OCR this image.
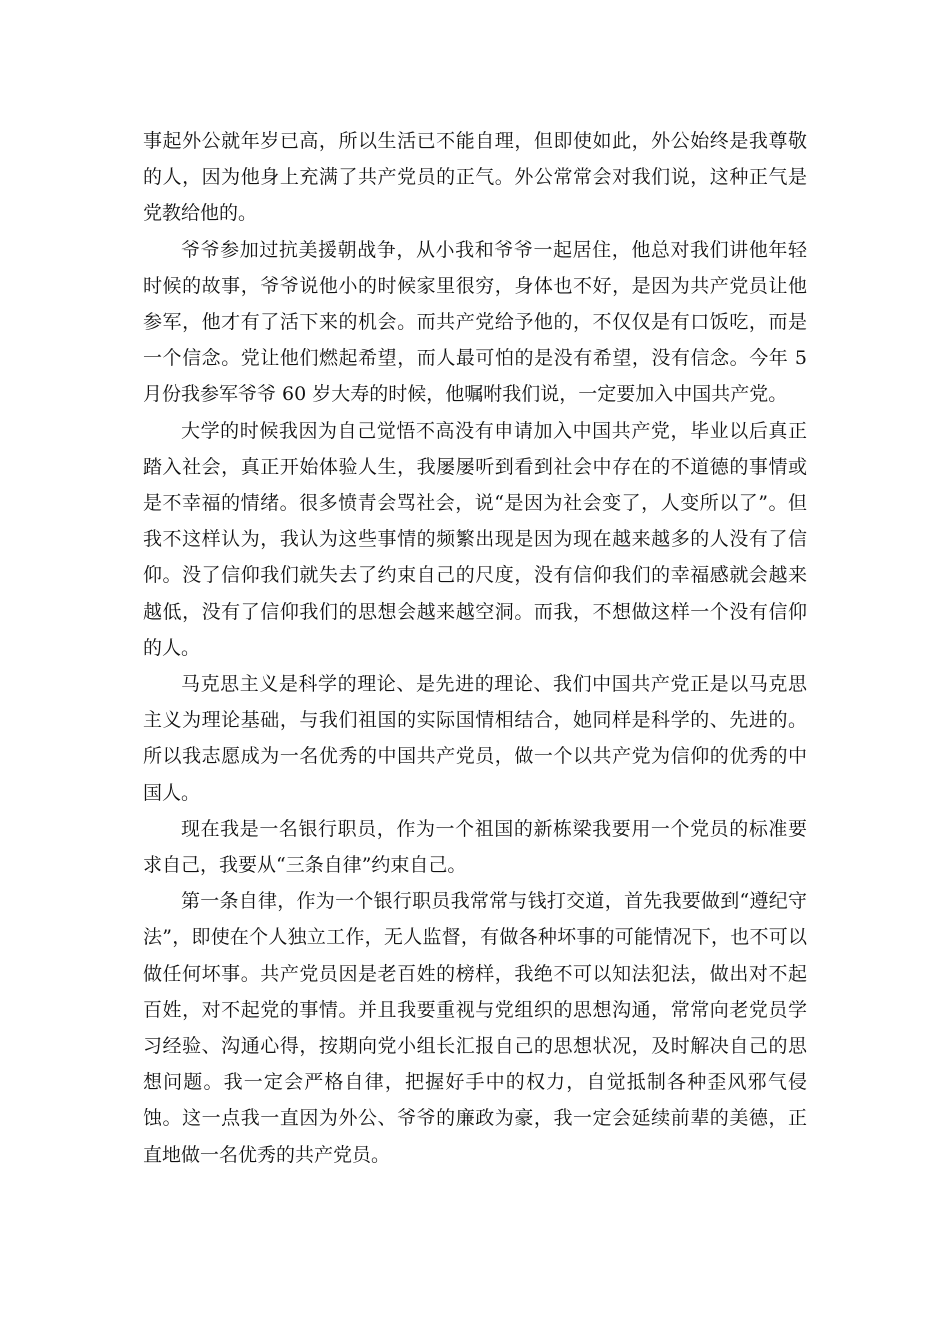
事起外公就年岁已高，所以生活已不能自理，但即使如此，外公始终是我尊敬的人，因为他身上充满了共产党员的正气。外公常常会对我们说，这种正气是党教给他的。

爷爷参加过抗美援朝战争，从小我和爷爷一起居住，他总对我们讲他年轻时候的故事，爷爷说他小的时候家里很穷，身体也不好，是因为共产党员让他参军，他才有了活下来的机会。而共产党给予他的，不仅仅是有口饭吃，而是一个信念。党让他们燃起希望，而人最可怕的是没有希望，没有信念。今年 5 月份我参军爷爷 60 岁大寿的时候，他嘱咐我们说，一定要加入中国共产党。

大学的时候我因为自己觉悟不高没有申请加入中国共产党，毕业以后真正踏入社会，真正开始体验人生，我屡屡听到看到社会中存在的不道德的事情或是不幸福的情绪。很多愤青会骂社会，说“是因为社会变了，人变所以了”。但我不这样认为，我认为这些事情的频繁出现是因为现在越来越多的人没有了信仰。没了信仰我们就失去了约束自己的尺度，没有信仰我们的幸福感就会越来越低，没有了信仰我们的思想会越来越空洞。而我，不想做这样一个没有信仰的人。

马克思主义是科学的理论、是先进的理论、我们中国共产党正是以马克思主义为理论基础，与我们祖国的实际国情相结合，她同样是科学的、先进的。所以我志愿成为一名优秀的中国共产党员，做一个以共产党为信仰的优秀的中国人。

现在我是一名银行职员，作为一个祖国的新栋梁我要用一个党员的标准要求自己，我要从“三条自律”约束自己。

第一条自律，作为一个银行职员我常常与钱打交道，首先我要做到“遵纪守法”，即使在个人独立工作，无人监督，有做各种坏事的可能情况下，也不可以做任何坏事。共产党员因是老百姓的榜样，我绝不可以知法犯法，做出对不起百姓，对不起党的事情。并且我要重视与党组织的思想沟通，常常向老党员学习经验、沟通心得，按期向党小组长汇报自己的思想状况，及时解决自己的思想问题。我一定会严格自律，把握好手中的权力，自觉抵制各种歪风邪气侵蚀。这一点我一直因为外公、爷爷的廉政为豪，我一定会延续前辈的美德，正直地做一名优秀的共产党员。
